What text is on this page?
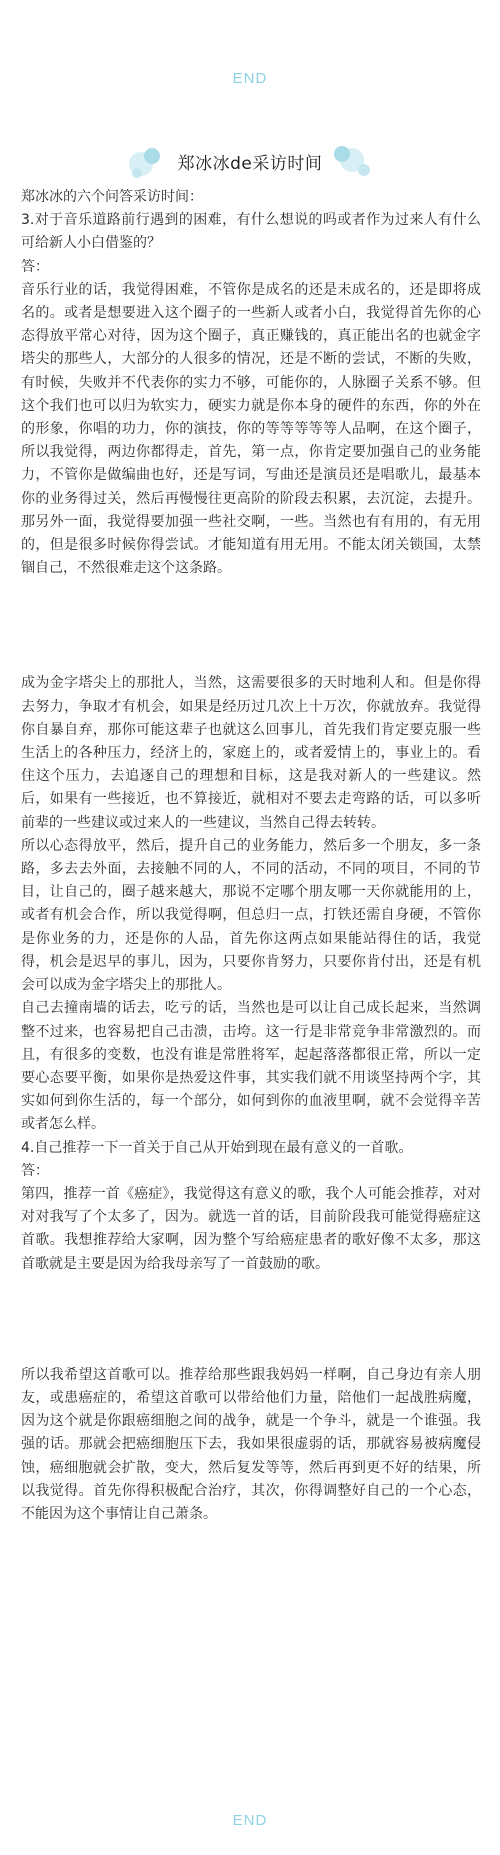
END
郑冰冰de采访时间

郑冰冰的六个问答采访时间：

3.对于音乐道路前行遇到的困难，有什么想说的吗或者作为过来人有什么可给新人小白借鉴的？

答：

音乐行业的话，我觉得困难，不管你是成名的还是未成名的，还是即将成名的。或者是想要进入这个圈子的一些新人或者小白，我觉得首先你的心态得放平常心对待，因为这个圈子，真正赚钱的，真正能出名的也就金字塔尖的那些人，大部分的人很多的情况，还是不断的尝试，不断的失败，有时候，失败并不代表你的实力不够，可能你的，人脉圈子关系不够。但这个我们也可以归为软实力，硬实力就是你本身的硬件的东西，你的外在的形象，你唱的功力，你的演技，你的等等等等等人品啊，在这个圈子，所以我觉得，两边你都得走，首先，第一点，你肯定要加强自己的业务能力，不管你是做编曲也好，还是写词，写曲还是演员还是唱歌儿，最基本你的业务得过关，然后再慢慢往更高阶的阶段去积累，去沉淀，去提升。那另外一面，我觉得要加强一些社交啊，一些。当然也有有用的，有无用的，但是很多时候你得尝试。才能知道有用无用。不能太闭关锁国，太禁锢自己，不然很难走这个这条路。

成为金字塔尖上的那批人，当然，这需要很多的天时地利人和。但是你得去努力，争取才有机会，如果是经历过几次上十万次，你就放弃。我觉得你自暴自弃，那你可能这辈子也就这么回事儿，首先我们肯定要克服一些生活上的各种压力，经济上的，家庭上的，或者爱情上的，事业上的。看住这个压力，去追逐自己的理想和目标，这是我对新人的一些建议。然后，如果有一些接近，也不算接近，就相对不要去走弯路的话，可以多听前辈的一些建议或过来人的一些建议，当然自己得去转转。

所以心态得放平，然后，提升自己的业务能力，然后多一个朋友，多一条路，多去去外面，去接触不同的人，不同的活动，不同的项目，不同的节目，让自己的，圈子越来越大，那说不定哪个朋友哪一天你就能用的上，或者有机会合作，所以我觉得啊，但总归一点，打铁还需自身硬，不管你是你业务的力，还是你的人品，首先你这两点如果能站得住的话，我觉得，机会是迟早的事儿，因为，只要你肯努力，只要你肯付出，还是有机会可以成为金字塔尖上的那批人。

自己去撞南墙的话去，吃亏的话，当然也是可以让自己成长起来，当然调整不过来，也容易把自己击溃，击垮。这一行是非常竞争非常激烈的。而且，有很多的变数，也没有谁是常胜将军，起起落落都很正常，所以一定要心态要平衡，如果你是热爱这件事，其实我们就不用谈坚持两个字，其实如何到你生活的，每一个部分，如何到你的血液里啊，就不会觉得辛苦或者怎么样。

4.自己推荐一下一首关于自己从开始到现在最有意义的一首歌。

答：

第四，推荐一首《癌症》，我觉得这有意义的歌，我个人可能会推荐，对对对对我写了个太多了，因为。就选一首的话，目前阶段我可能觉得癌症这首歌。我想推荐给大家啊，因为整个写给癌症患者的歌好像不太多，那这首歌就是主要是因为给我母亲写了一首鼓励的歌。

所以我希望这首歌可以。推荐给那些跟我妈妈一样啊，自己身边有亲人朋友，或患癌症的，希望这首歌可以带给他们力量，陪他们一起战胜病魔，因为这个就是你跟癌细胞之间的战争，就是一个争斗，就是一个谁强。我强的话。那就会把癌细胞压下去，我如果很虚弱的话，那就容易被病魔侵蚀，癌细胞就会扩散，变大，然后复发等等，然后再到更不好的结果，所以我觉得。首先你得积极配合治疗，其次，你得调整好自己的一个心态，不能因为这个事情让自己萧条。

END
